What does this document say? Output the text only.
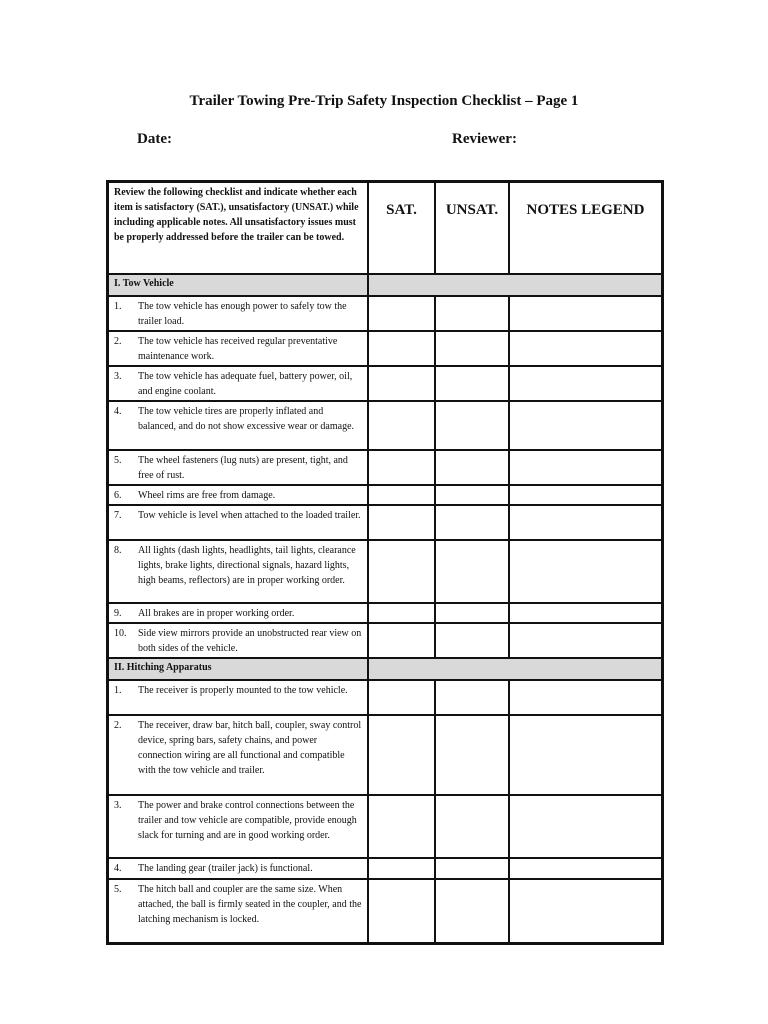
Trailer Towing Pre-Trip Safety Inspection Checklist – Page 1
Date:	Reviewer:
Review the following checklist and indicate whether each item is satisfactory (SAT.), unsatisfactory (UNSAT.) while including applicable notes. All unsatisfactory issues must be properly addressed before the trailer can be towed.	SAT.	UNSAT.	NOTES LEGEND
I. Tow Vehicle			

1. The tow vehicle has enough power to safely tow the trailer load.			

2. The tow vehicle has received regular preventative maintenance work.			

3. The tow vehicle has adequate fuel, battery power, oil, and engine coolant.			

4. The tow vehicle tires are properly inflated and balanced, and do not show excessive wear or damage.			

5. The wheel fasteners (lug nuts) are present, tight, and free of rust.			

6. Wheel rims are free from damage.			

7. Tow vehicle is level when attached to the loaded trailer.			

8. All lights (dash lights, headlights, tail lights, clearance lights, brake lights, directional signals, hazard lights, high beams, reflectors) are in proper working order.			

9. All brakes are in proper working order.			

10. Side view mirrors provide an unobstructed rear view on both sides of the vehicle.			

II. Hitching Apparatus			

1. The receiver is properly mounted to the tow vehicle.			

2. The receiver, draw bar, hitch ball, coupler, sway control device, spring bars, safety chains, and power connection wiring are all functional and compatible with the tow vehicle and trailer.			

3. The power and brake control connections between the trailer and tow vehicle are compatible, provide enough slack for turning and are in good working order.			

4. The landing gear (trailer jack) is functional.			

5. The hitch ball and coupler are the same size. When attached, the ball is firmly seated in the coupler, and the latching mechanism is locked.			
